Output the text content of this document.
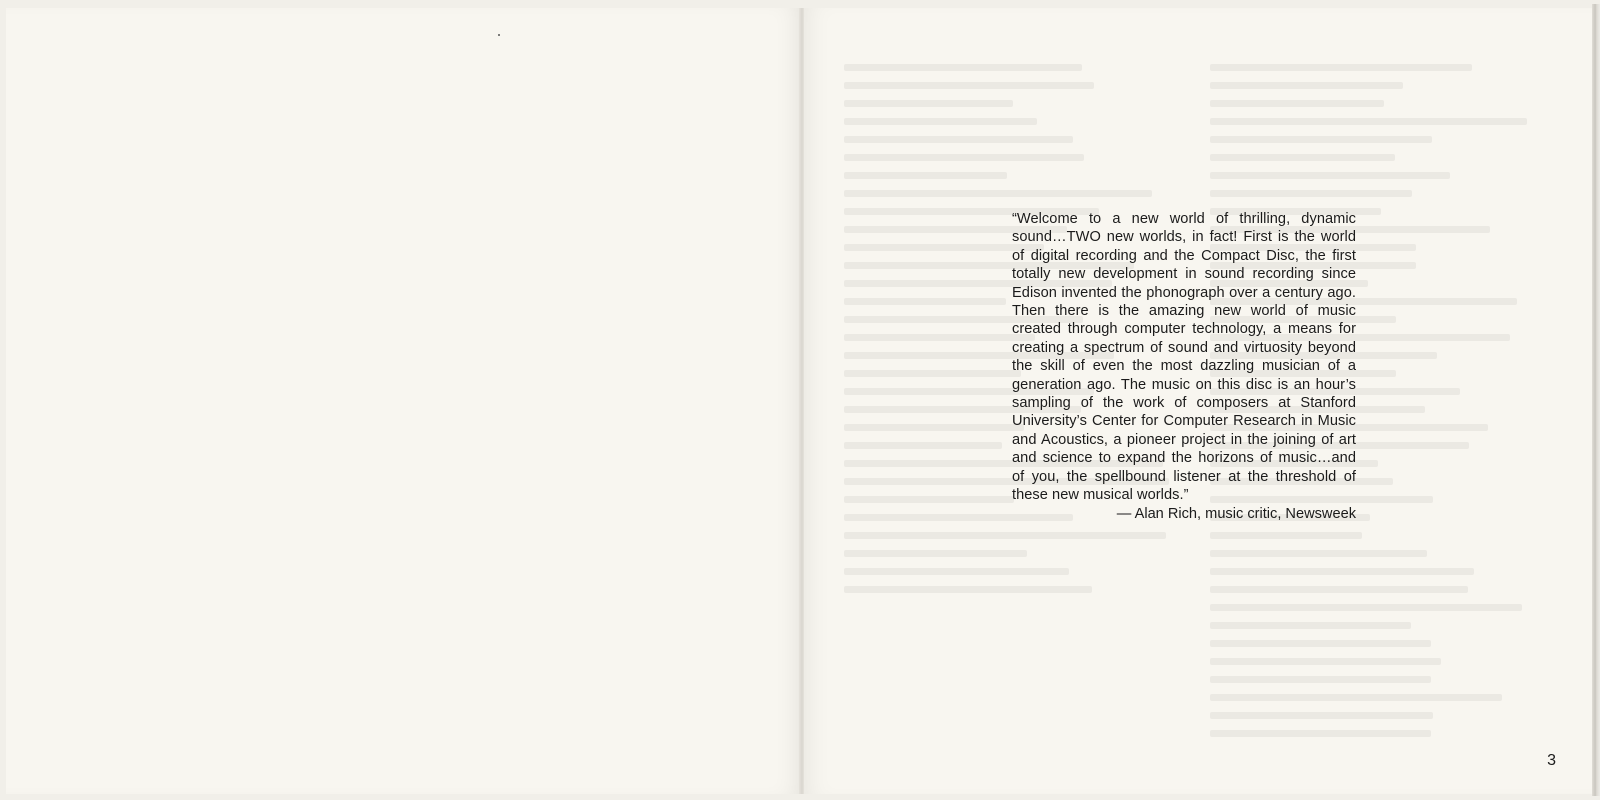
“Welcome to a new world of thrilling, dynamic sound…TWO new worlds, in fact! First is the world of digital recording and the Compact Disc, the first totally new development in sound recording since Edison invented the phonograph over a century ago. Then there is the amazing new world of music created through computer technology, a means for creating a spectrum of sound and virtuosity beyond the skill of even the most dazzling musician of a generation ago. The music on this disc is an hour’s sampling of the work of composers at Stanford University’s Center for Computer Research in Music and Acoustics, a pioneer project in the joining of art and science to expand the horizons of music…and of you, the spellbound listener at the threshold of these new musical worlds.”

— Alan Rich, music critic, Newsweek

3
